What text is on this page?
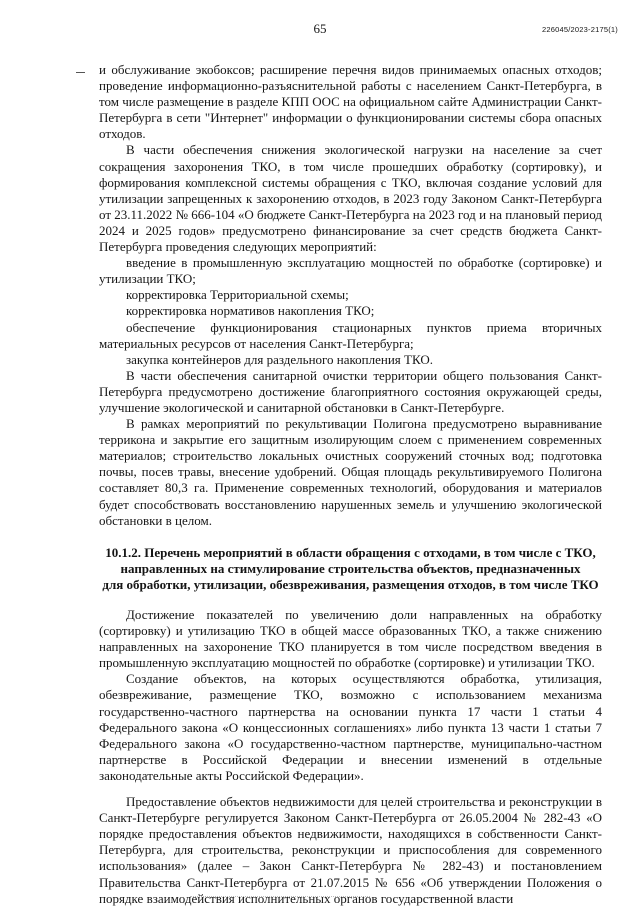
65	226045/2023-2175(1)

и обслуживание экобоксов; расширение перечня видов принимаемых опасных отходов; проведение информационно-разъяснительной работы с населением Санкт-Петербурга, в том числе размещение в разделе КПП ООС на официальном сайте Администрации Санкт-Петербурга в сети "Интернет" информации о функционировании системы сбора опасных отходов.

В части обеспечения снижения экологической нагрузки на население за счет сокращения захоронения ТКО, в том числе прошедших обработку (сортировку), и формирования комплексной системы обращения с ТКО, включая создание условий для утилизации запрещенных к захоронению отходов, в 2023 году Законом Санкт-Петербурга от 23.11.2022 № 666-104 «О бюджете Санкт-Петербурга на 2023 год и на плановый период 2024 и 2025 годов» предусмотрено финансирование за счет средств бюджета Санкт-Петербурга проведения следующих мероприятий:

введение в промышленную эксплуатацию мощностей по обработке (сортировке) и утилизации ТКО;

корректировка Территориальной схемы;

корректировка нормативов накопления ТКО;

обеспечение функционирования стационарных пунктов приема вторичных материальных ресурсов от населения Санкт-Петербурга;

закупка контейнеров для раздельного накопления ТКО.

В части обеспечения санитарной очистки территории общего пользования Санкт-Петербурга предусмотрено достижение благоприятного состояния окружающей среды, улучшение экологической и санитарной обстановки в Санкт-Петербурге.

В рамках мероприятий по рекультивации Полигона предусмотрено выравнивание терриконa и закрытие его защитным изолирующим слоем с применением современных материалов; строительство локальных очистных сооружений сточных вод; подготовка почвы, посев травы, внесение удобрений. Общая площадь рекультивируемого Полигона составляет 80,3 га. Применение современных технологий, оборудования и материалов будет способствовать восстановлению нарушенных земель и улучшению экологической обстановки в целом.

10.1.2. Перечень мероприятий в области обращения с отходами, в том числе с ТКО,
направленных на стимулирование строительства объектов, предназначенных
для обработки, утилизации, обезвреживания, размещения отходов, в том числе ТКО

Достижение показателей по увеличению доли направленных на обработку (сортировку) и утилизацию ТКО в общей массе образованных ТКО, а также снижению направленных на захоронение ТКО планируется в том числе посредством введения в промышленную эксплуатацию мощностей по обработке (сортировке) и утилизации ТКО.

Создание объектов, на которых осуществляются обработка, утилизация, обезвреживание, размещение ТКО, возможно с использованием механизма государственно-частного партнерства на основании пункта 17 части 1 статьи 4 Федерального закона «О концессионных соглашениях» либо пункта 13 части 1 статьи 7 Федерального закона «О государственно-частном партнерстве, муниципально-частном партнерстве в Российской Федерации и внесении изменений в отдельные законодательные акты Российской Федерации».

Предоставление объектов недвижимости для целей строительства и реконструкции в Санкт-Петербурге регулируется Законом Санкт-Петербурга от 26.05.2004 № 282-43 «О порядке предоставления объектов недвижимости, находящихся в собственности Санкт-Петербурга, для строительства, реконструкции и приспособления для современного использования» (далее – Закон Санкт-Петербурга № 282-43) и постановлением Правительства Санкт-Петербурга от 21.07.2015 № 656 «Об утверждении Положения о порядке взаимодействия исполнительных органов государственной власти
